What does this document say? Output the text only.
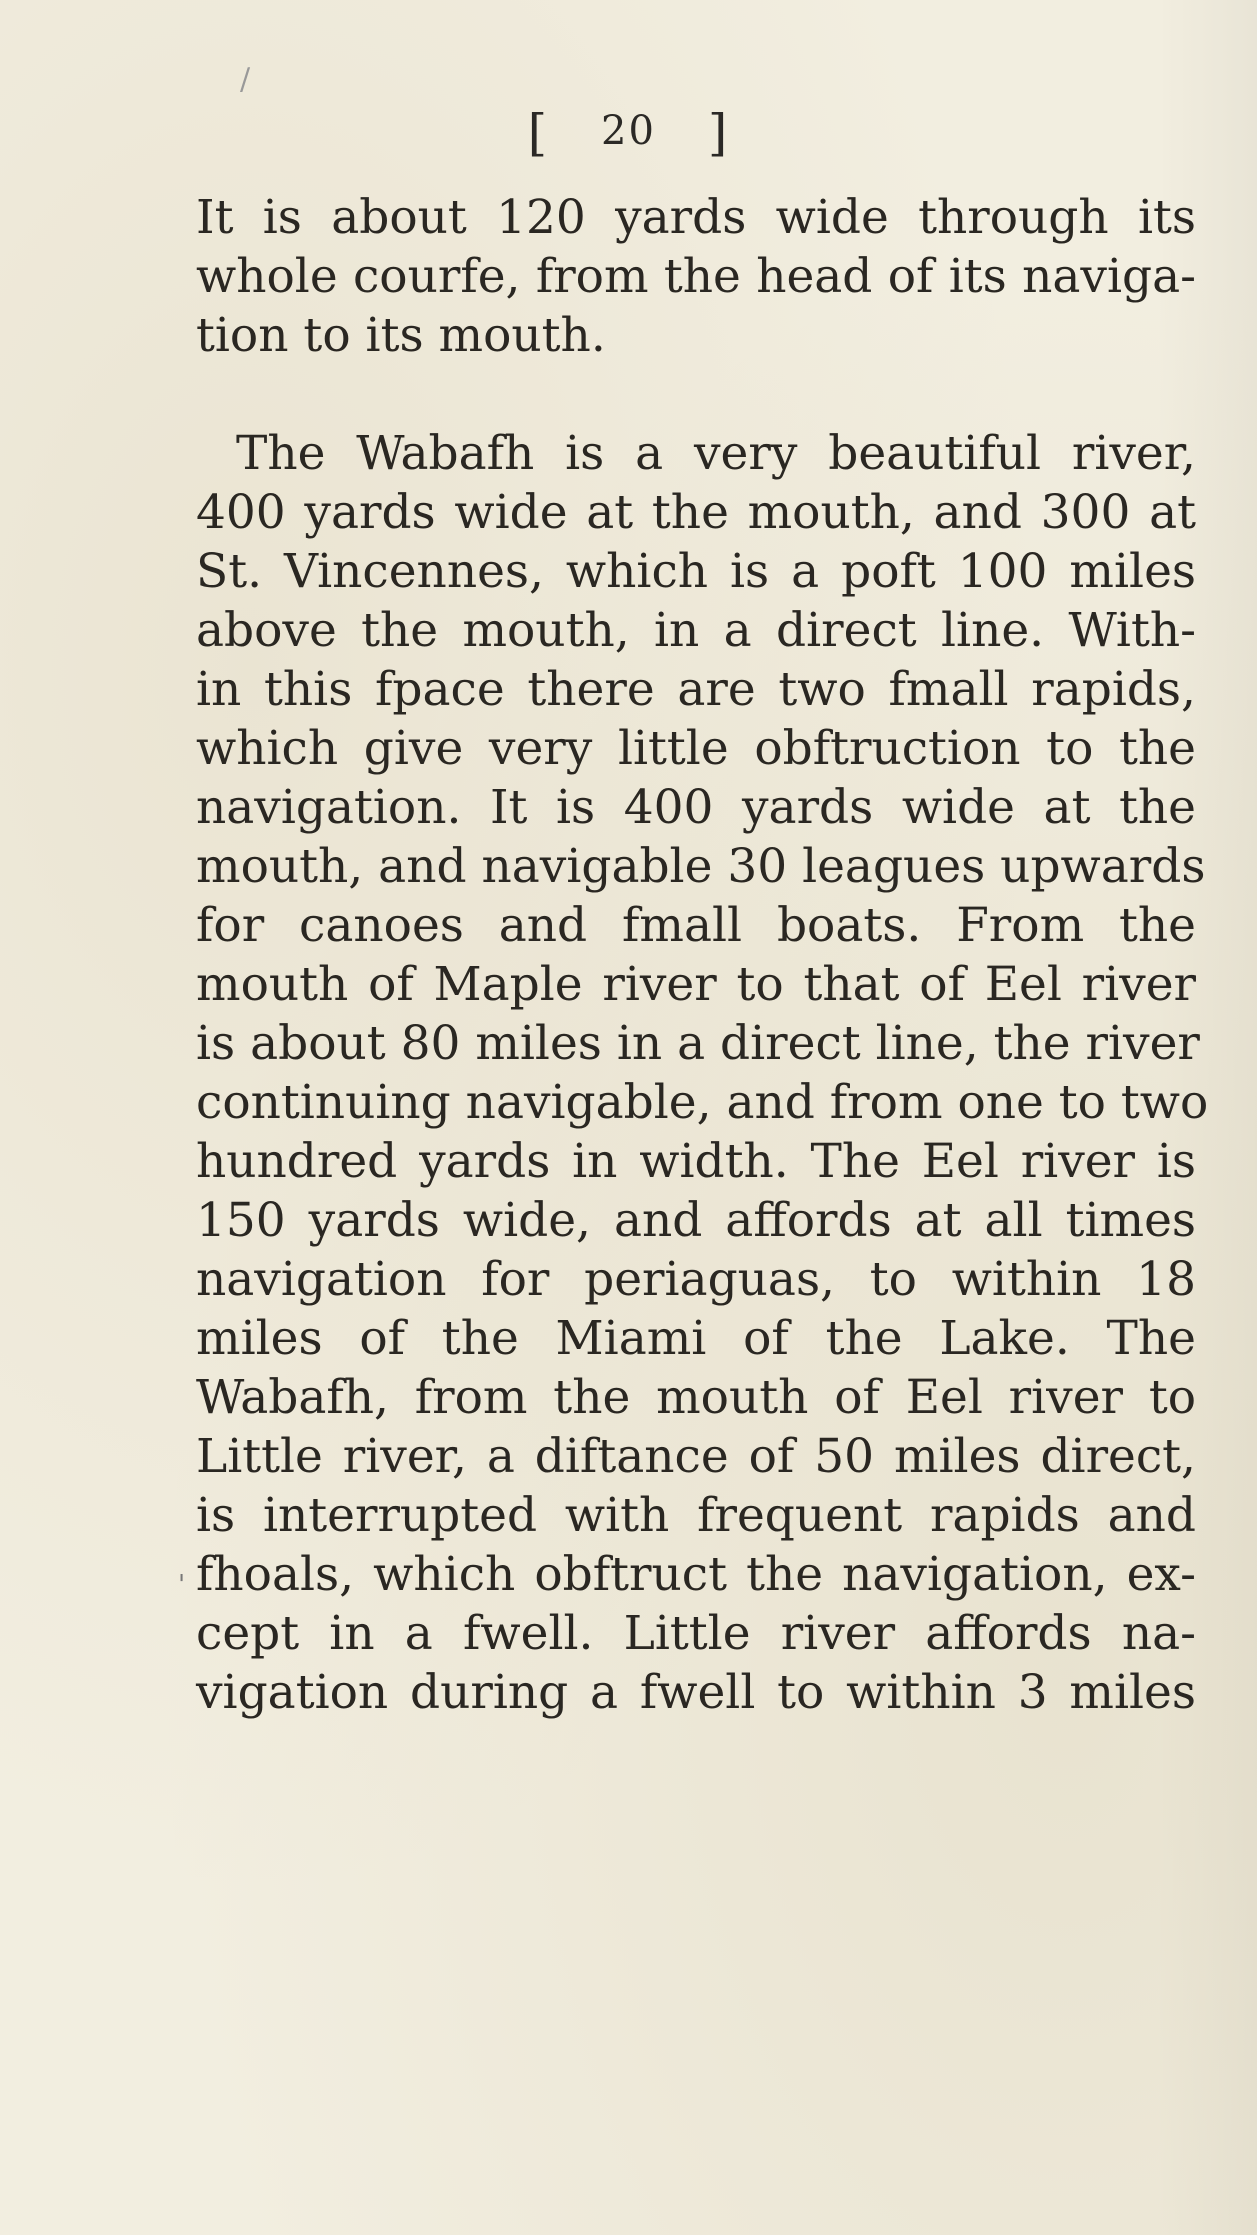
/
[ 20 ]
'
It is about 120 yards wide through its
whole courfe, from the head of its naviga-
tion to its mouth.
The Wabafh is a very beautiful river,
400 yards wide at the mouth, and 300 at
St. Vincennes, which is a poft 100 miles
above the mouth, in a direct line. With-
in this fpace there are two fmall rapids,
which give very little obftruction to the
navigation. It is 400 yards wide at the
mouth, and navigable 30 leagues upwards
for canoes and fmall boats. From the
mouth of Maple river to that of Eel river
is about 80 miles in a direct line, the river
continuing navigable, and from one to two
hundred yards in width. The Eel river is
150 yards wide, and affords at all times
navigation for periaguas, to within 18
miles of the Miami of the Lake. The
Wabafh, from the mouth of Eel river to
Little river, a diftance of 50 miles direct,
is interrupted with frequent rapids and
fhoals, which obftruct the navigation, ex-
cept in a fwell. Little river affords na-
vigation during a fwell to within 3 miles
